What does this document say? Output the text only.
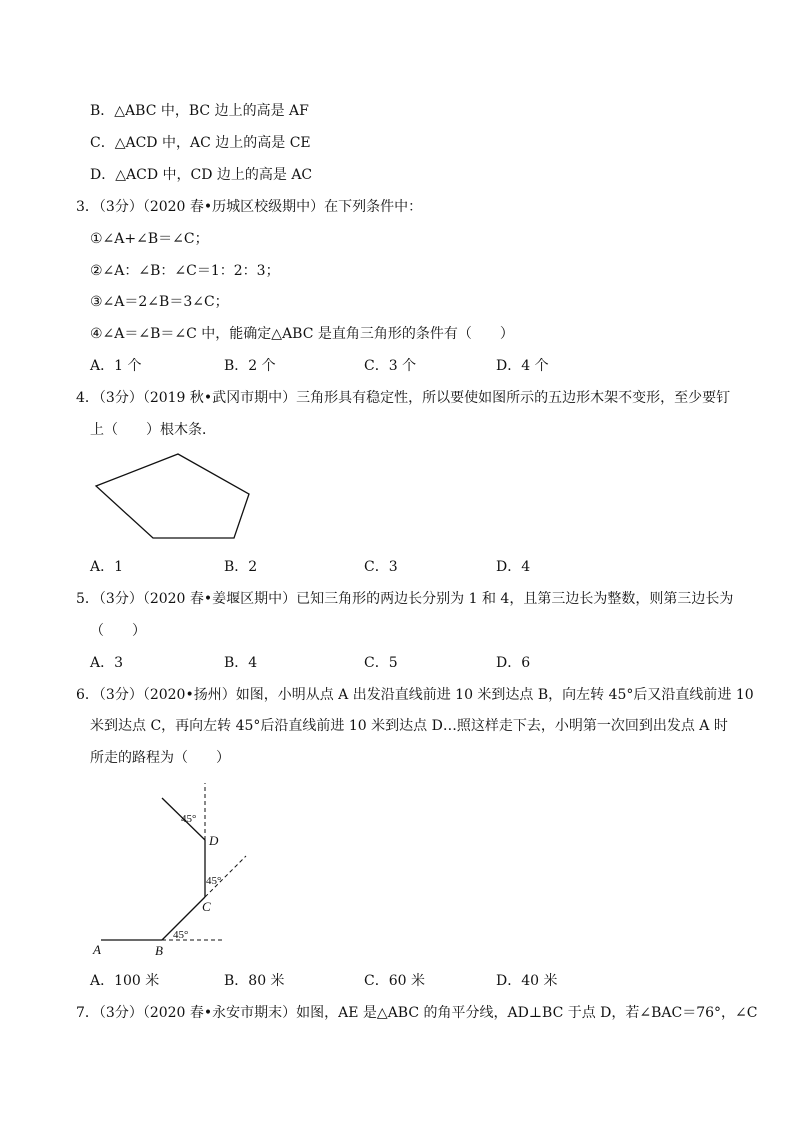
B．△ABC 中，BC 边上的高是 AF
C．△ACD 中，AC 边上的高是 CE
D．△ACD 中，CD 边上的高是 AC
3．（3分）（2020 春•历城区校级期中）在下列条件中：
①∠A+∠B＝∠C；
②∠A：∠B：∠C＝1：2：3；
③∠A＝2∠B＝3∠C；
④∠A＝∠B＝∠C 中，能确定△ABC 是直角三角形的条件有（　　）
A．1 个	B．2 个	C．3 个	D．4 个
4．（3分）（2019 秋•武冈市期中）三角形具有稳定性，所以要使如图所示的五边形木架不变形，至少要钉
上（　　）根木条．
A．1	B．2	C．3	D．4
5．（3分）（2020 春•姜堰区期中）已知三角形的两边长分别为 1 和 4，且第三边长为整数，则第三边长为
（　　）
A．3	B．4	C．5	D．6
6．（3分）（2020•扬州）如图，小明从点 A 出发沿直线前进 10 米到达点 B，向左转 45°后又沿直线前进 10
米到达点 C，再向左转 45°后沿直线前进 10 米到达点 D…照这样走下去，小明第一次回到出发点 A 时
所走的路程为（　　）
A	B
C
D
45°
45°
45°
A．100 米	B．80 米	C．60 米	D．40 米
7．（3分）（2020 春•永安市期末）如图，AE 是△ABC 的角平分线，AD⊥BC 于点 D，若∠BAC＝76°，∠C
